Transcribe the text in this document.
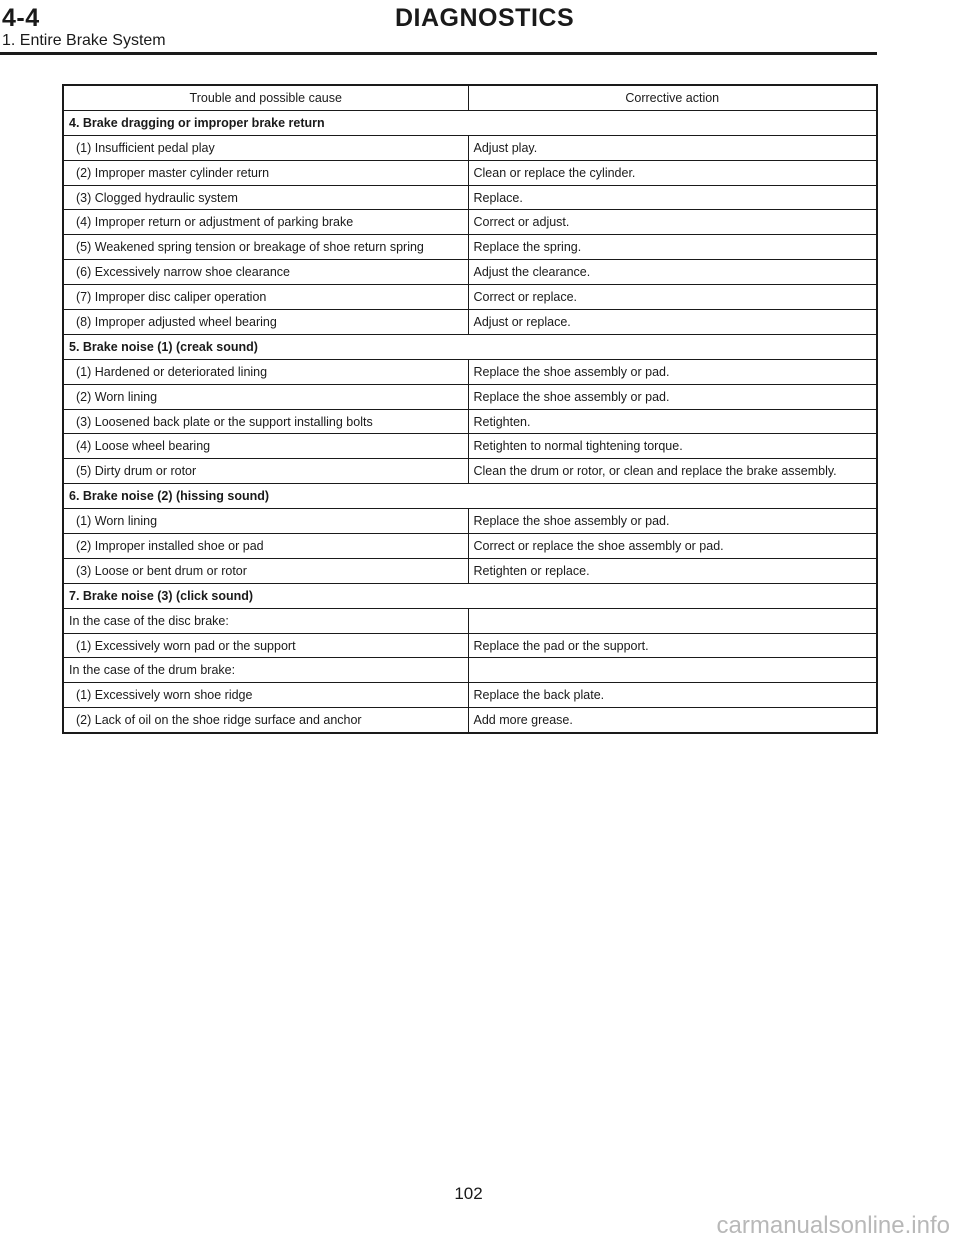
4-4	DIAGNOSTICS
1. Entire Brake System
Trouble and possible cause	Corrective action
4. Brake dragging or improper brake return	
(1) Insufficient pedal play	Adjust play.
(2) Improper master cylinder return	Clean or replace the cylinder.
(3) Clogged hydraulic system	Replace.
(4) Improper return or adjustment of parking brake	Correct or adjust.
(5) Weakened spring tension or breakage of shoe return spring	Replace the spring.
(6) Excessively narrow shoe clearance	Adjust the clearance.
(7) Improper disc caliper operation	Correct or replace.
(8) Improper adjusted wheel bearing	Adjust or replace.
5. Brake noise (1) (creak sound)	
(1) Hardened or deteriorated lining	Replace the shoe assembly or pad.
(2) Worn lining	Replace the shoe assembly or pad.
(3) Loosened back plate or the support installing bolts	Retighten.
(4) Loose wheel bearing	Retighten to normal tightening torque.
(5) Dirty drum or rotor	Clean the drum or rotor, or clean and replace the brake assembly.
6. Brake noise (2) (hissing sound)	
(1) Worn lining	Replace the shoe assembly or pad.
(2) Improper installed shoe or pad	Correct or replace the shoe assembly or pad.
(3) Loose or bent drum or rotor	Retighten or replace.
7. Brake noise (3) (click sound)	
In the case of the disc brake:	
(1) Excessively worn pad or the support	Replace the pad or the support.
In the case of the drum brake:	
(1) Excessively worn shoe ridge	Replace the back plate.
(2) Lack of oil on the shoe ridge surface and anchor	Add more grease.
102
carmanualsonline.info
